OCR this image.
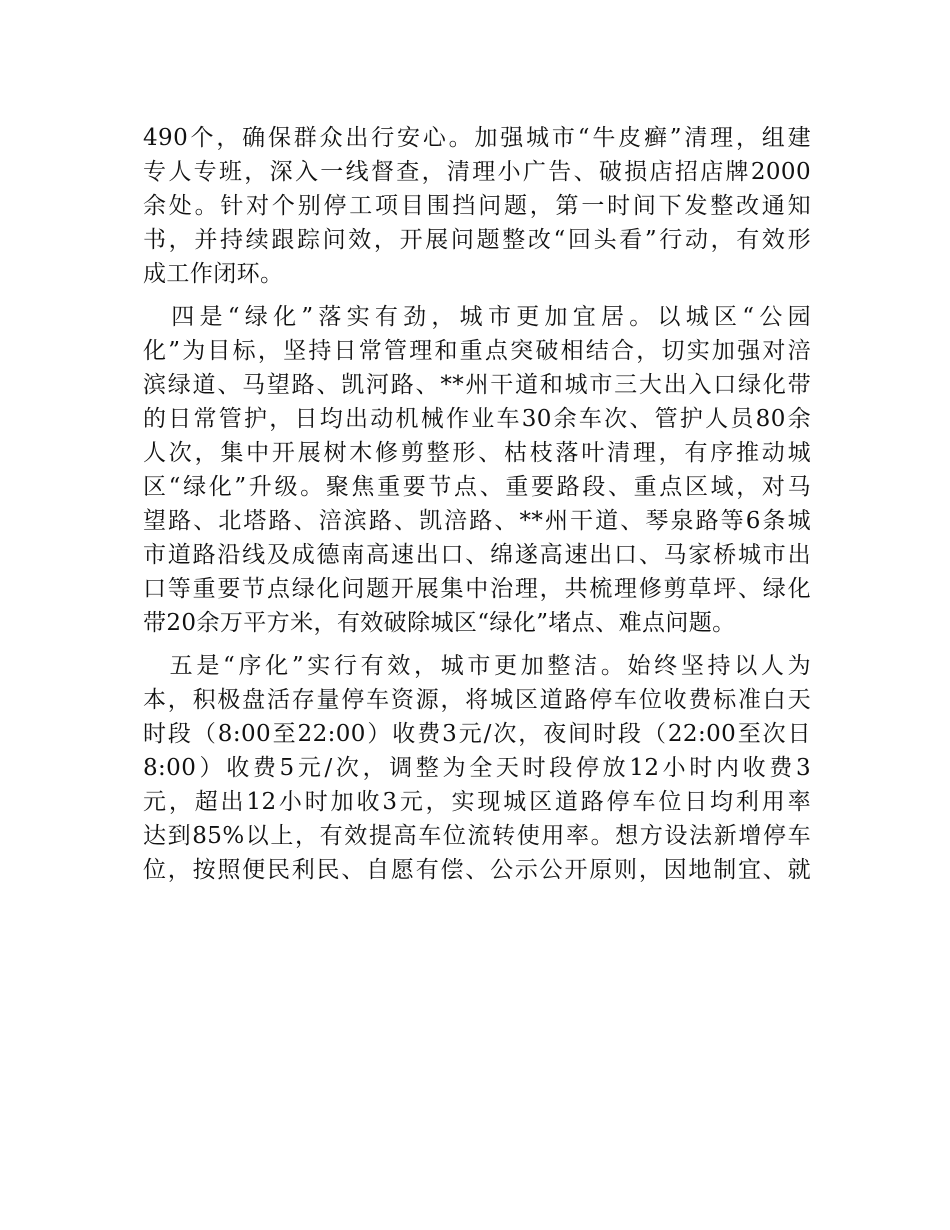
490个，确保群众出行安心。加强城市“牛皮癣”清理，组建
专人专班，深入一线督查，清理小广告、破损店招店牌2000
余处。针对个别停工项目围挡问题，第一时间下发整改通知
书，并持续跟踪问效，开展问题整改“回头看”行动，有效形
成工作闭环。
　四是“绿化”落实有劲，城市更加宜居。以城区“公园
化”为目标，坚持日常管理和重点突破相结合，切实加强对涪
滨绿道、马望路、凯河路、**州干道和城市三大出入口绿化带
的日常管护，日均出动机械作业车30余车次、管护人员80余
人次，集中开展树木修剪整形、枯枝落叶清理，有序推动城
区“绿化”升级。聚焦重要节点、重要路段、重点区域，对马
望路、北塔路、涪滨路、凯涪路、**州干道、琴泉路等6条城
市道路沿线及成德南高速出口、绵遂高速出口、马家桥城市出
口等重要节点绿化问题开展集中治理，共梳理修剪草坪、绿化
带20余万平方米，有效破除城区“绿化”堵点、难点问题。
　五是“序化”实行有效，城市更加整洁。始终坚持以人为
本，积极盘活存量停车资源，将城区道路停车位收费标准白天
时段（8:00至22:00）收费3元/次，夜间时段（22:00至次日
8:00）收费5元/次，调整为全天时段停放12小时内收费3
元，超出12小时加收3元，实现城区道路停车位日均利用率
达到85%以上，有效提高车位流转使用率。想方设法新增停车
位，按照便民利民、自愿有偿、公示公开原则，因地制宜、就
